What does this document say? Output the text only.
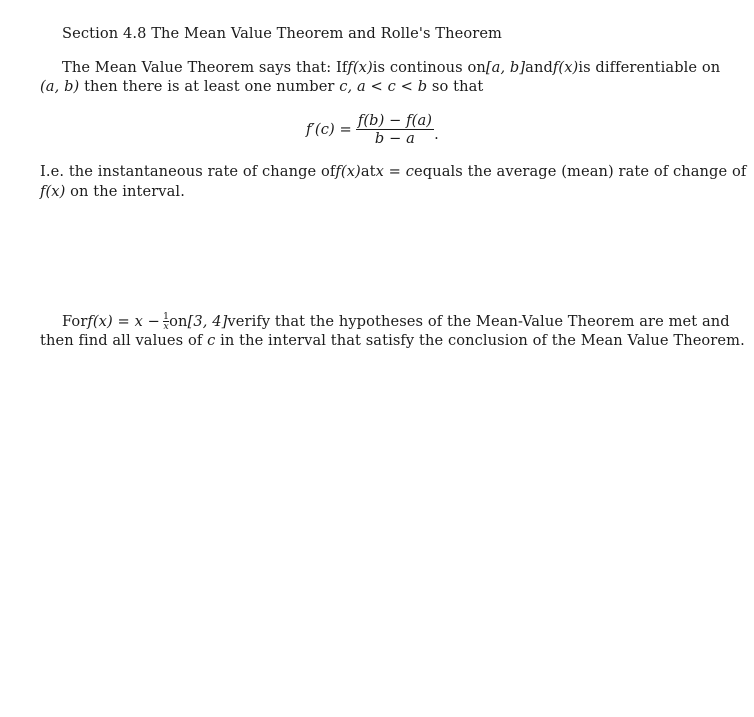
Section 4.8 The Mean Value Theorem and Rolle's Theorem
The Mean Value Theorem says that: If f(x) is continous on [a, b] and f(x) is differentiable on
(a, b) then there is at least one number c, a < c < b so that
$f'(c) = \frac{f(b) - f(a)}{b - a}$ .
I.e. the instantaneous rate of change of f(x) at x = c equals the average (mean) rate of change of
f(x) on the interval.
For $f(x) = x - \frac{1}{x}$ on [3, 4] verify that the hypotheses of the Mean-Value Theorem are met and
then find all values of c in the interval that satisfy the conclusion of the Mean Value Theorem.
